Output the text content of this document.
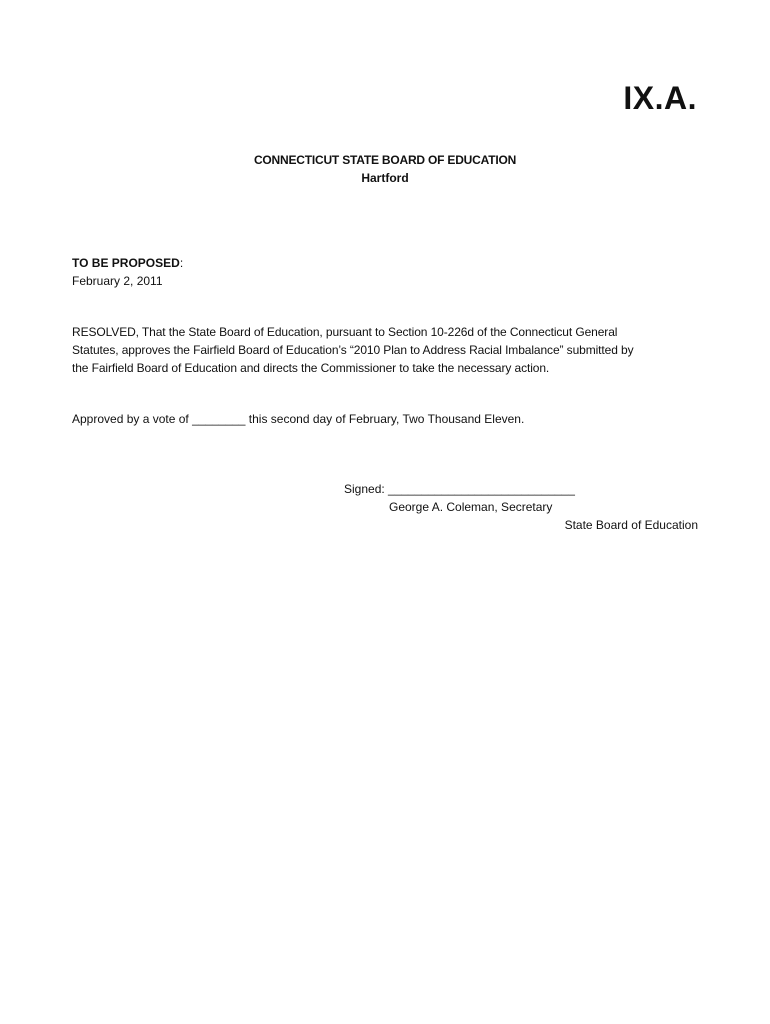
IX.A.
CONNECTICUT STATE BOARD OF EDUCATION
Hartford
TO BE PROPOSED:
February 2, 2011
RESOLVED, That the State Board of Education, pursuant to Section 10-226d of the Connecticut General
Statutes, approves the Fairfield Board of Education’s “2010 Plan to Address Racial Imbalance” submitted by
the Fairfield Board of Education and directs the Commissioner to take the necessary action.
Approved by a vote of ________ this second day of February, Two Thousand Eleven.
Signed: ____________________________
George A. Coleman, Secretary
State Board of Education
